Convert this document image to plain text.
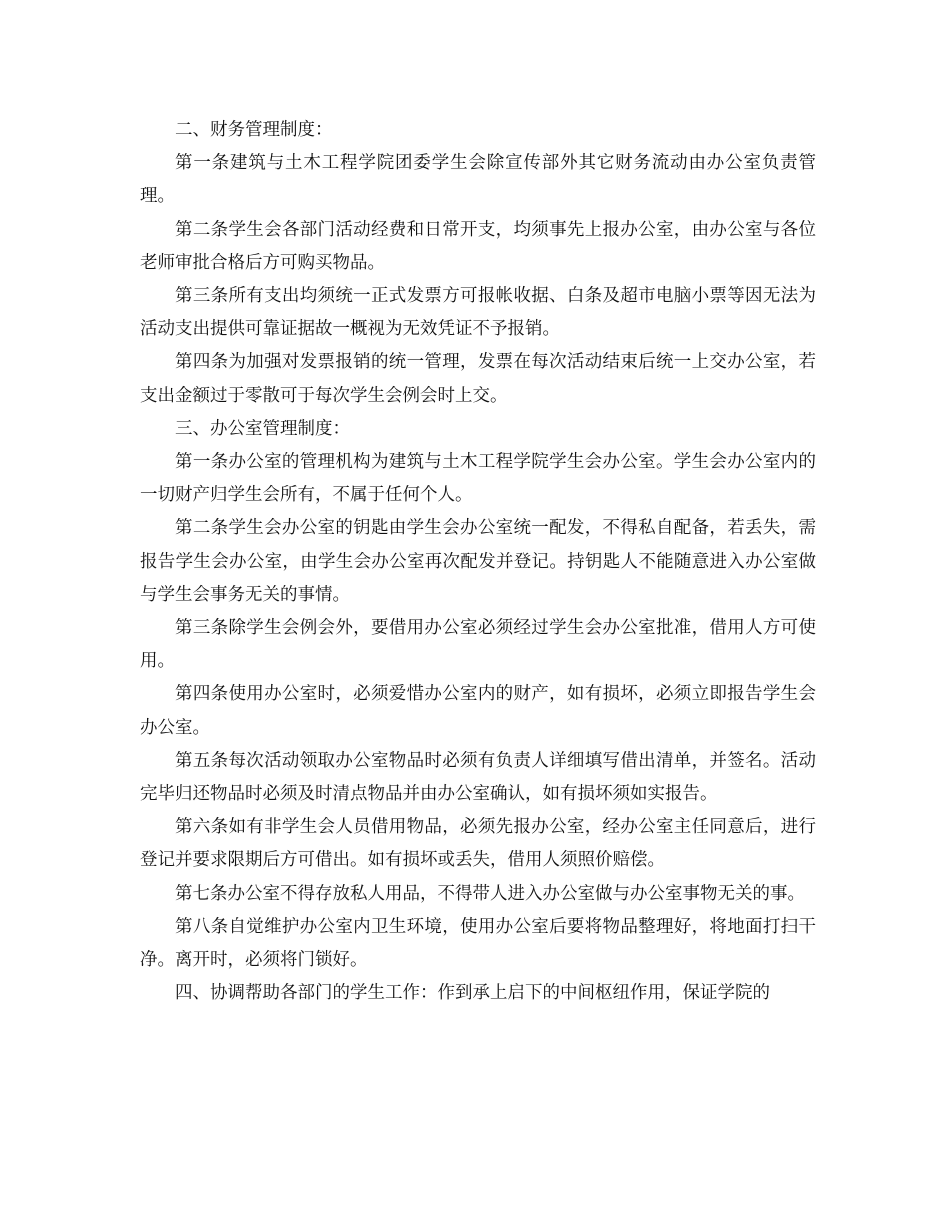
二、财务管理制度：

第一条建筑与土木工程学院团委学生会除宣传部外其它财务流动由办公室负责管理。

第二条学生会各部门活动经费和日常开支，均须事先上报办公室，由办公室与各位老师审批合格后方可购买物品。

第三条所有支出均须统一正式发票方可报帐收据、白条及超市电脑小票等因无法为活动支出提供可靠证据故一概视为无效凭证不予报销。

第四条为加强对发票报销的统一管理，发票在每次活动结束后统一上交办公室，若支出金额过于零散可于每次学生会例会时上交。

三、办公室管理制度：

第一条办公室的管理机构为建筑与土木工程学院学生会办公室。学生会办公室内的一切财产归学生会所有，不属于任何个人。

第二条学生会办公室的钥匙由学生会办公室统一配发，不得私自配备，若丢失，需报告学生会办公室，由学生会办公室再次配发并登记。持钥匙人不能随意进入办公室做与学生会事务无关的事情。

第三条除学生会例会外，要借用办公室必须经过学生会办公室批准，借用人方可使用。

第四条使用办公室时，必须爱惜办公室内的财产，如有损坏，必须立即报告学生会办公室。

第五条每次活动领取办公室物品时必须有负责人详细填写借出清单，并签名。活动完毕归还物品时必须及时清点物品并由办公室确认，如有损坏须如实报告。

第六条如有非学生会人员借用物品，必须先报办公室，经办公室主任同意后，进行登记并要求限期后方可借出。如有损坏或丢失，借用人须照价赔偿。

第七条办公室不得存放私人用品，不得带人进入办公室做与办公室事物无关的事。

第八条自觉维护办公室内卫生环境，使用办公室后要将物品整理好，将地面打扫干净。离开时，必须将门锁好。

四、协调帮助各部门的学生工作：作到承上启下的中间枢纽作用，保证学院的
